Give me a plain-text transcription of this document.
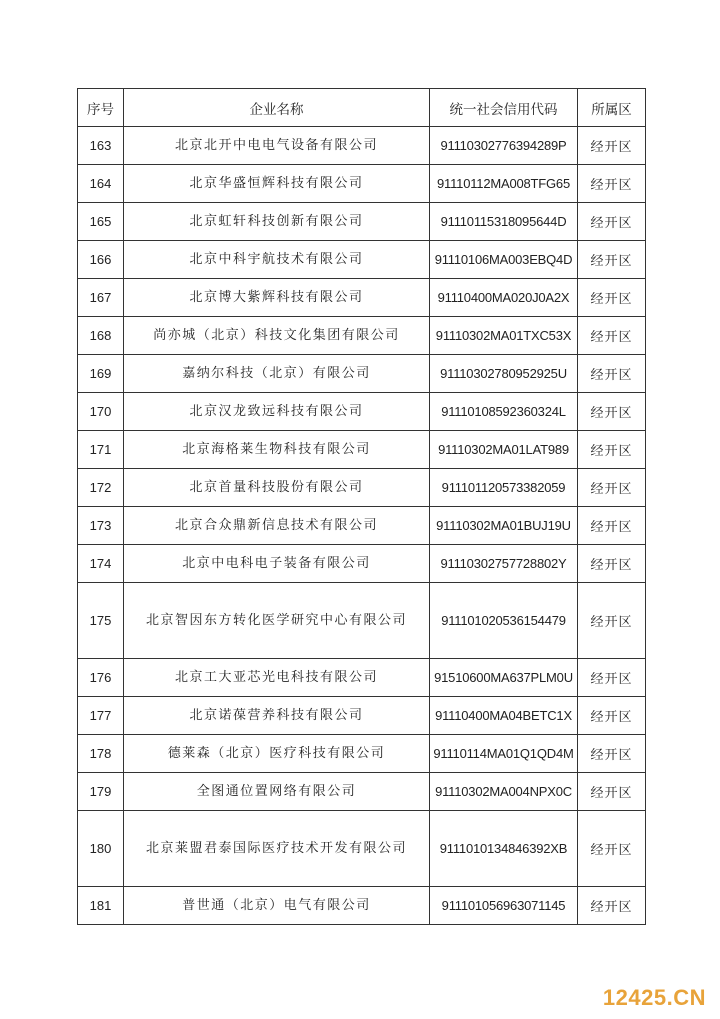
序号	企业名称	统一社会信用代码	所属区
163	北京北开中电电气设备有限公司	91110302776394289P	经开区
164	北京华盛恒辉科技有限公司	91110112MA008TFG65	经开区
165	北京虹轩科技创新有限公司	91110115318095644D	经开区
166	北京中科宇航技术有限公司	91110106MA003EBQ4D	经开区
167	北京博大紫辉科技有限公司	91110400MA020J0A2X	经开区
168	尚亦城（北京）科技文化集团有限公司	91110302MA01TXC53X	经开区
169	嘉纳尔科技（北京）有限公司	91110302780952925U	经开区
170	北京汉龙致远科技有限公司	91110108592360324L	经开区
171	北京海格莱生物科技有限公司	91110302MA01LAT989	经开区
172	北京首量科技股份有限公司	911101120573382059	经开区
173	北京合众鼎新信息技术有限公司	91110302MA01BUJ19U	经开区
174	北京中电科电子装备有限公司	91110302757728802Y	经开区
175	北京智因东方转化医学研究中心有限公司	911101020536154479	经开区
176	北京工大亚芯光电科技有限公司	91510600MA637PLM0U	经开区
177	北京诺葆营养科技有限公司	91110400MA04BETC1X	经开区
178	德莱森（北京）医疗科技有限公司	91110114MA01Q1QD4M	经开区
179	全图通位置网络有限公司	91110302MA004NPX0C	经开区
180	北京莱盟君泰国际医疗技术开发有限公司	9111010134846392XB	经开区
181	普世通（北京）电气有限公司	911101056963071145	经开区
12425.CN
